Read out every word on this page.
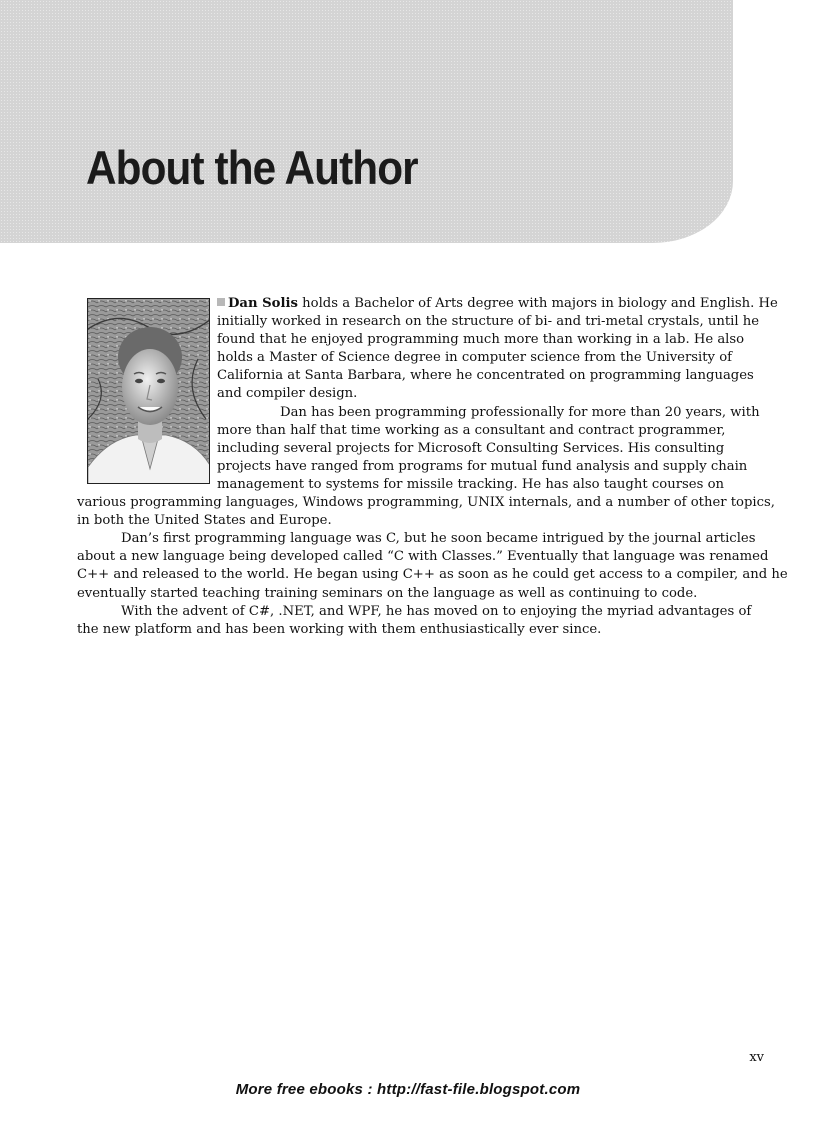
About the Author
Dan Solis holds a Bachelor of Arts degree with majors in biology and English. He
initially worked in research on the structure of bi- and tri-metal crystals, until he
found that he enjoyed programming much more than working in a lab. He also
holds a Master of Science degree in computer science from the University of
California at Santa Barbara, where he concentrated on programming languages
and compiler design.
Dan has been programming professionally for more than 20 years, with
more than half that time working as a consultant and contract programmer,
including several projects for Microsoft Consulting Services. His consulting
projects have ranged from programs for mutual fund analysis and supply chain
management to systems for missile tracking. He has also taught courses on
various programming languages, Windows programming, UNIX internals, and a number of other topics,
in both the United States and Europe.
Dan’s first programming language was C, but he soon became intrigued by the journal articles
about a new language being developed called “C with Classes.” Eventually that language was renamed
C++ and released to the world. He began using C++ as soon as he could get access to a compiler, and he
eventually started teaching training seminars on the language as well as continuing to code.
With the advent of C#, .NET, and WPF, he has moved on to enjoying the myriad advantages of
the new platform and has been working with them enthusiastically ever since.
xv
More free ebooks : http://fast-file.blogspot.com
